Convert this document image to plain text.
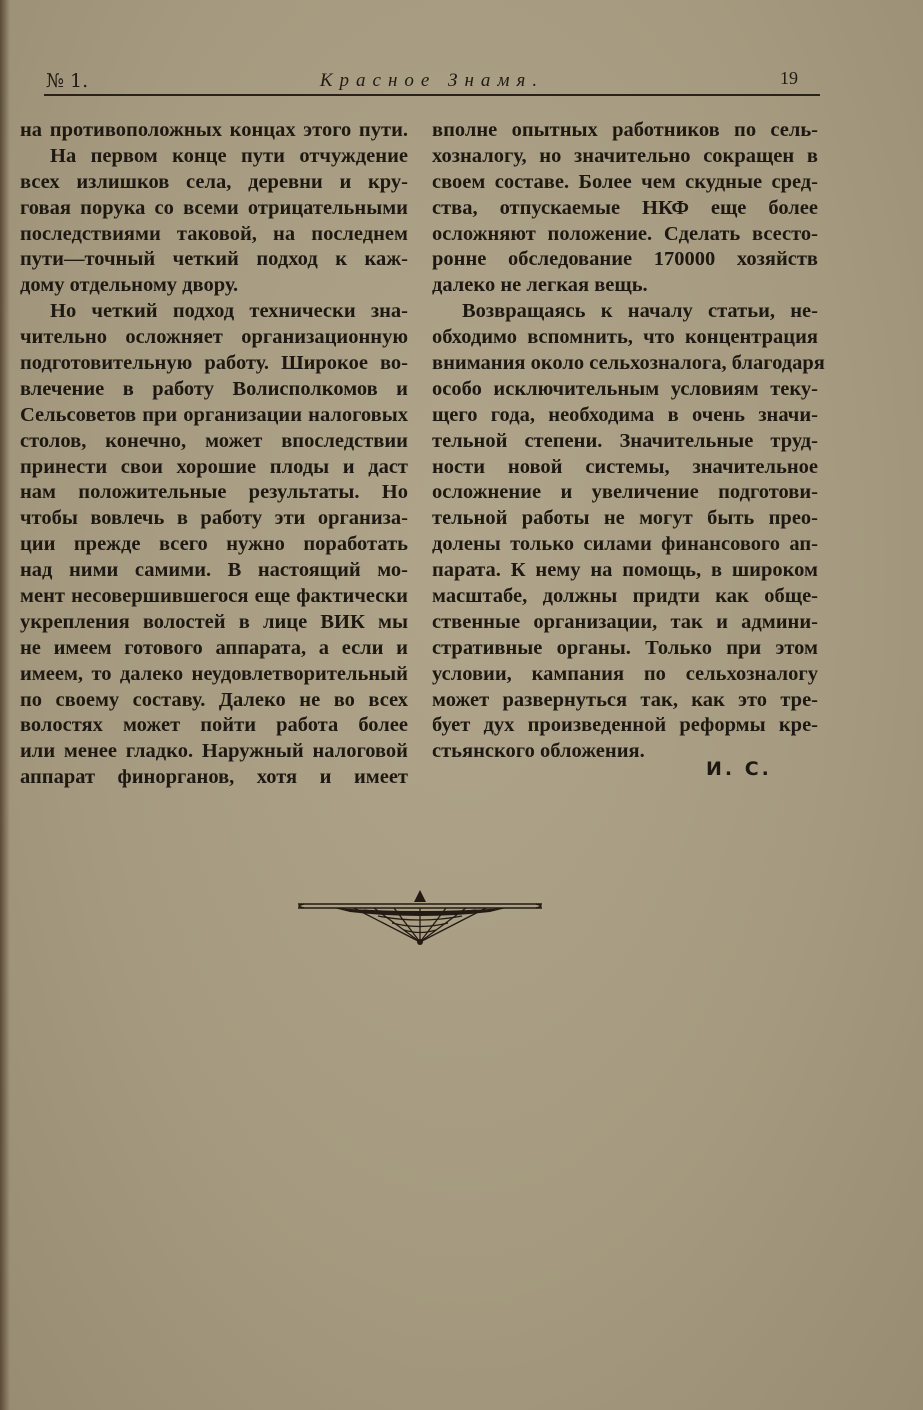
№ 1.	Красное Знамя.	19
на противоположных концах этого пути.
На первом конце пути отчуждение
всех излишков села, деревни и кру-
говая порука со всеми отрицательными
последствиями таковой, на последнем
пути—точный четкий подход к каж-
дому отдельному двору.
Но четкий подход технически зна-
чительно осложняет организационную
подготовительную работу. Широкое во-
влечение в работу Волисполкомов и
Сельсоветов при организации налоговых
столов, конечно, может впоследствии
принести свои хорошие плоды и даст
нам положительные результаты. Но
чтобы вовлечь в работу эти организа-
ции прежде всего нужно поработать
над ними самими. В настоящий мо-
мент несовершившегося еще фактически
укрепления волостей в лице ВИК мы
не имеем готового аппарата, а если и
имеем, то далеко неудовлетворительный
по своему составу. Далеко не во всех
волостях может пойти работа более
или менее гладко. Наружный налоговой
аппарат финорганов, хотя и имеет
вполне опытных работников по сель-
хозналогу, но значительно сокращен в
своем составе. Более чем скудные сред-
ства, отпускаемые НКФ еще более
осложняют положение. Сделать всесто-
ронне обследование 170000 хозяйств
далеко не легкая вещь.
Возвращаясь к началу статьи, не-
обходимо вспомнить, что концентрация
внимания около сельхозналога, благодаря
особо исключительным условиям теку-
щего года, необходима в очень значи-
тельной степени. Значительные труд-
ности новой системы, значительное
осложнение и увеличение подготови-
тельной работы не могут быть прео-
долены только силами финансового ап-
парата. К нему на помощь, в широком
масштабе, должны придти как обще-
ственные организации, так и админи-
стративные органы. Только при этом
условии, кампания по сельхозналогу
может развернуться так, как это тре-
бует дух произведенной реформы кре-
стьянского обложения.
И. С.
